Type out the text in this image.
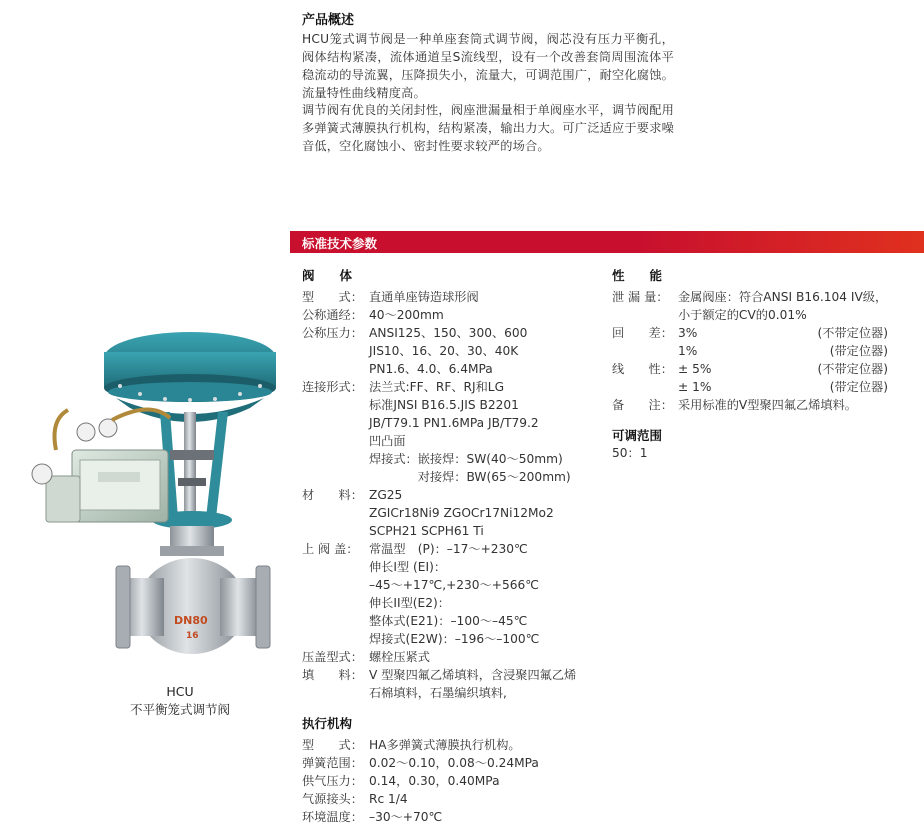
产品概述
HCU笼式调节阀是一种单座套筒式调节阀，阀芯没有压力平衡孔，阀体结构紧凑，流体通道呈S流线型，设有一个改善套筒周围流体平稳流动的导流翼，压降损失小，流量大，可调范围广，耐空化腐蚀。流量特性曲线精度高。
调节阀有优良的关闭封性，阀座泄漏量相于单阀座水平，调节阀配用多弹簧式薄膜执行机构，结构紧凑，输出力大。可广泛适应于要求噪音低，空化腐蚀小、密封性要求较严的场合。
标准技术参数
阀　　体
型　　式： 直通单座铸造球形阀
公称通经： 40～200mm
公称压力： ANSI125、150、300、600
JIS10、16、20、30、40K
PN1.6、4.0、6.4MPa
连接形式： 法兰式:FF、RF、RJ和LG
标准JNSI B16.5.JIS B2201
JB/T79.1 PN1.6MPa JB/T79.2
凹凸面
焊接式：嵌接焊：SW(40～50mm)
　　　　对接焊：BW(65～200mm)
材　　料： ZG25
ZGICr18Ni9 ZGOCr17Ni12Mo2
SCPH21 SCPH61 Ti
上 阀 盖： 常温型　(P)：–17～+230℃
伸长I型 (EI)：
–45～+17℃,+230～+566℃
伸长II型(E2)：
整体式(E21)：–100～–45℃
焊接式(E2W)：–196～–100℃
压盖型式： 螺栓压紧式
填　　料： V 型聚四氟乙烯填料，含浸聚四氟乙烯
石棉填料，石墨编织填料,
执行机构
型　　式： HA多弹簧式薄膜执行机构。
弹簧范围： 0.02～0.10，0.08～0.24MPa
供气压力： 0.14，0.30，0.40MPa
气源接头： Rc 1/4
环境温度： –30～+70℃
性　　能
泄 漏 量： 金属阀座：符合ANSI B16.104 IV级，
小于额定的CV的0.01%
回　　差： 3%	(不带定位器)
1%	(带定位器)
线　　性： ± 5%	(不带定位器)
± 1%	(带定位器)
备　　注： 采用标准的V型聚四氟乙烯填料。
可调范围
50：1
DN80
16
HCU
不平衡笼式调节阀
